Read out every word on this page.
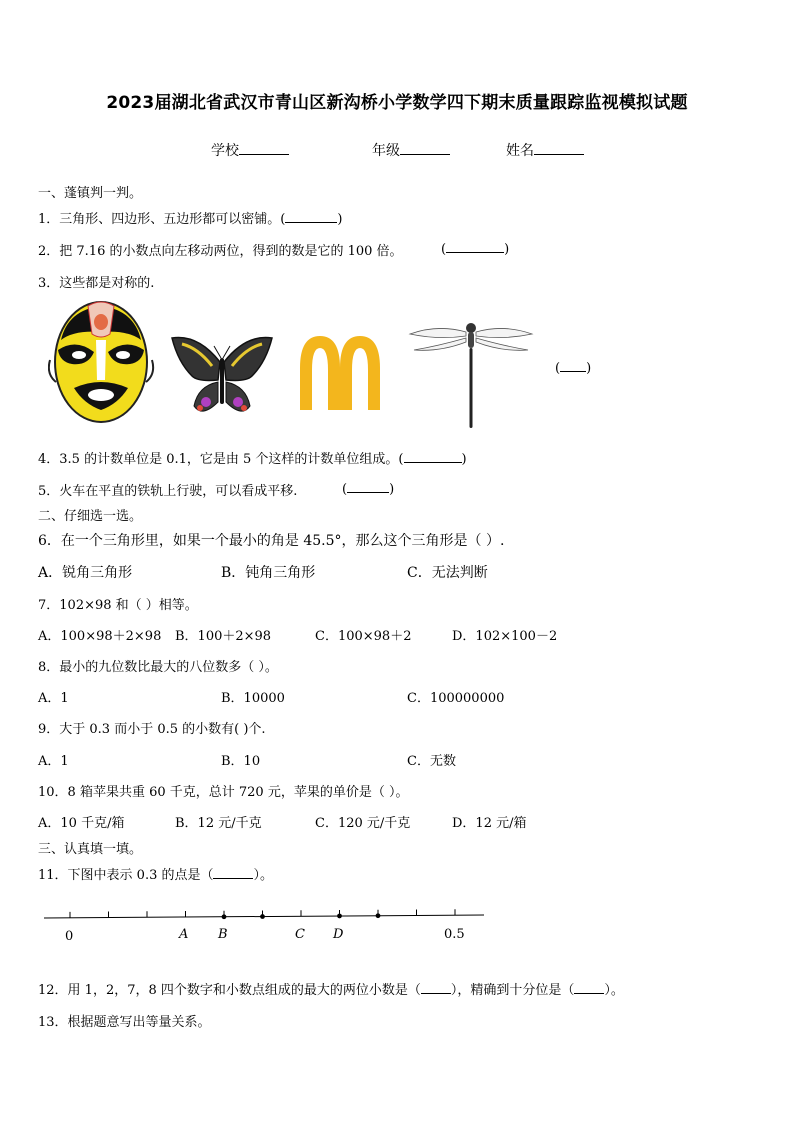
2023届湖北省武汉市青山区新沟桥小学数学四下期末质量跟踪监视模拟试题
学校	年级	姓名
一、蓬镇判一判。
1．三角形、四边形、五边形都可以密铺。(	)
2．把 7.16 的小数点向左移动两位，得到的数是它的 100 倍。	(	)
3．这些都是对称的.
( )
4．3.5 的计数单位是 0.1，它是由 5 个这样的计数单位组成。(	)
5．火车在平直的铁轨上行驶，可以看成平移.	(	)
二、仔细选一选。
6．在一个三角形里，如果一个最小的角是 45.5°，那么这个三角形是（ ）.
A．锐角三角形	B．钝角三角形	C．无法判断
7．102×98 和（ ）相等。
A．100×98＋2×98 B．100＋2×98	C．100×98＋2	D．102×100－2
8．最小的九位数比最大的八位数多（ ）。
A．1	B．10000	C．100000000
9．大于 0.3 而小于 0.5 的小数有( )个.
A．1	B．10	C．无数
10．8 箱苹果共重 60 千克，总计 720 元，苹果的单价是（ ）。
A．10 千克/箱	B．12 元/千克	C．120 元/千克	D．12 元/箱
三、认真填一填。
11．下图中表示 0.3 的点是（	）。
0	A B	C D	0.5
12．用 1，2，7，8 四个数字和小数点组成的最大的两位小数是（ ），精确到十分位是（ ）。
13．根据题意写出等量关系。
